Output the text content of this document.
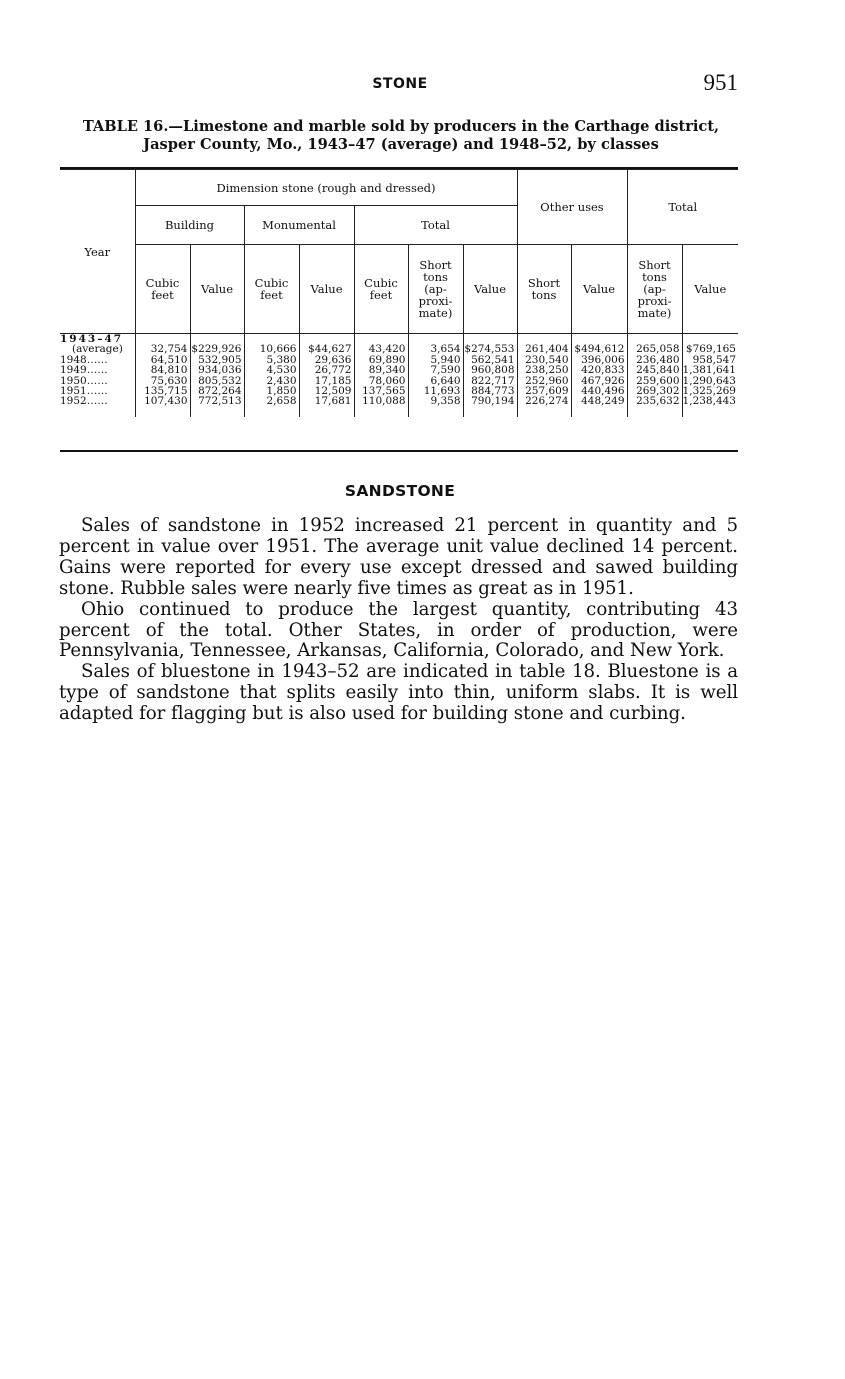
STONE	951
TABLE 16.—Limestone and marble sold by producers in the Carthage district,
Jasper County, Mo., 1943–47 (average) and 1948–52, by classes
Year	Dimension stone (rough and dressed)							Other uses		Total	
	Building		Monumental		Total						
	Cubic feet	Value	Cubic feet	Value	Cubic feet	Short tons (ap- proxi- mate)	Value	Short tons	Value	Short tons (ap- proxi- mate)	Value
1943–47											
(average)	32,754	$229,926	10,666	$44,627	43,420	3,654	$274,553	261,404	$494,612	265,058	$769,165
1948……	64,510	532,905	5,380	29,636	69,890	5,940	562,541	230,540	396,006	236,480	958,547
1949……	84,810	934,036	4,530	26,772	89,340	7,590	960,808	238,250	420,833	245,840	1,381,641
1950……	75,630	805,532	2,430	17,185	78,060	6,640	822,717	252,960	467,926	259,600	1,290,643
1951……	135,715	872,264	1,850	12,509	137,565	11,693	884,773	257,609	440,496	269,302	1,325,269
1952……	107,430	772,513	2,658	17,681	110,088	9,358	790,194	226,274	448,249	235,632	1,238,443
SANDSTONE

Sales of sandstone in 1952 increased 21 percent in quantity and 5 percent in value over 1951. The average unit value declined 14 percent. Gains were reported for every use except dressed and sawed building stone. Rubble sales were nearly five times as great as in 1951.

Ohio continued to produce the largest quantity, contributing 43 percent of the total. Other States, in order of production, were Pennsylvania, Tennessee, Arkansas, California, Colorado, and New York.

Sales of bluestone in 1943–52 are indicated in table 18. Bluestone is a type of sandstone that splits easily into thin, uniform slabs. It is well adapted for flagging but is also used for building stone and curbing.
